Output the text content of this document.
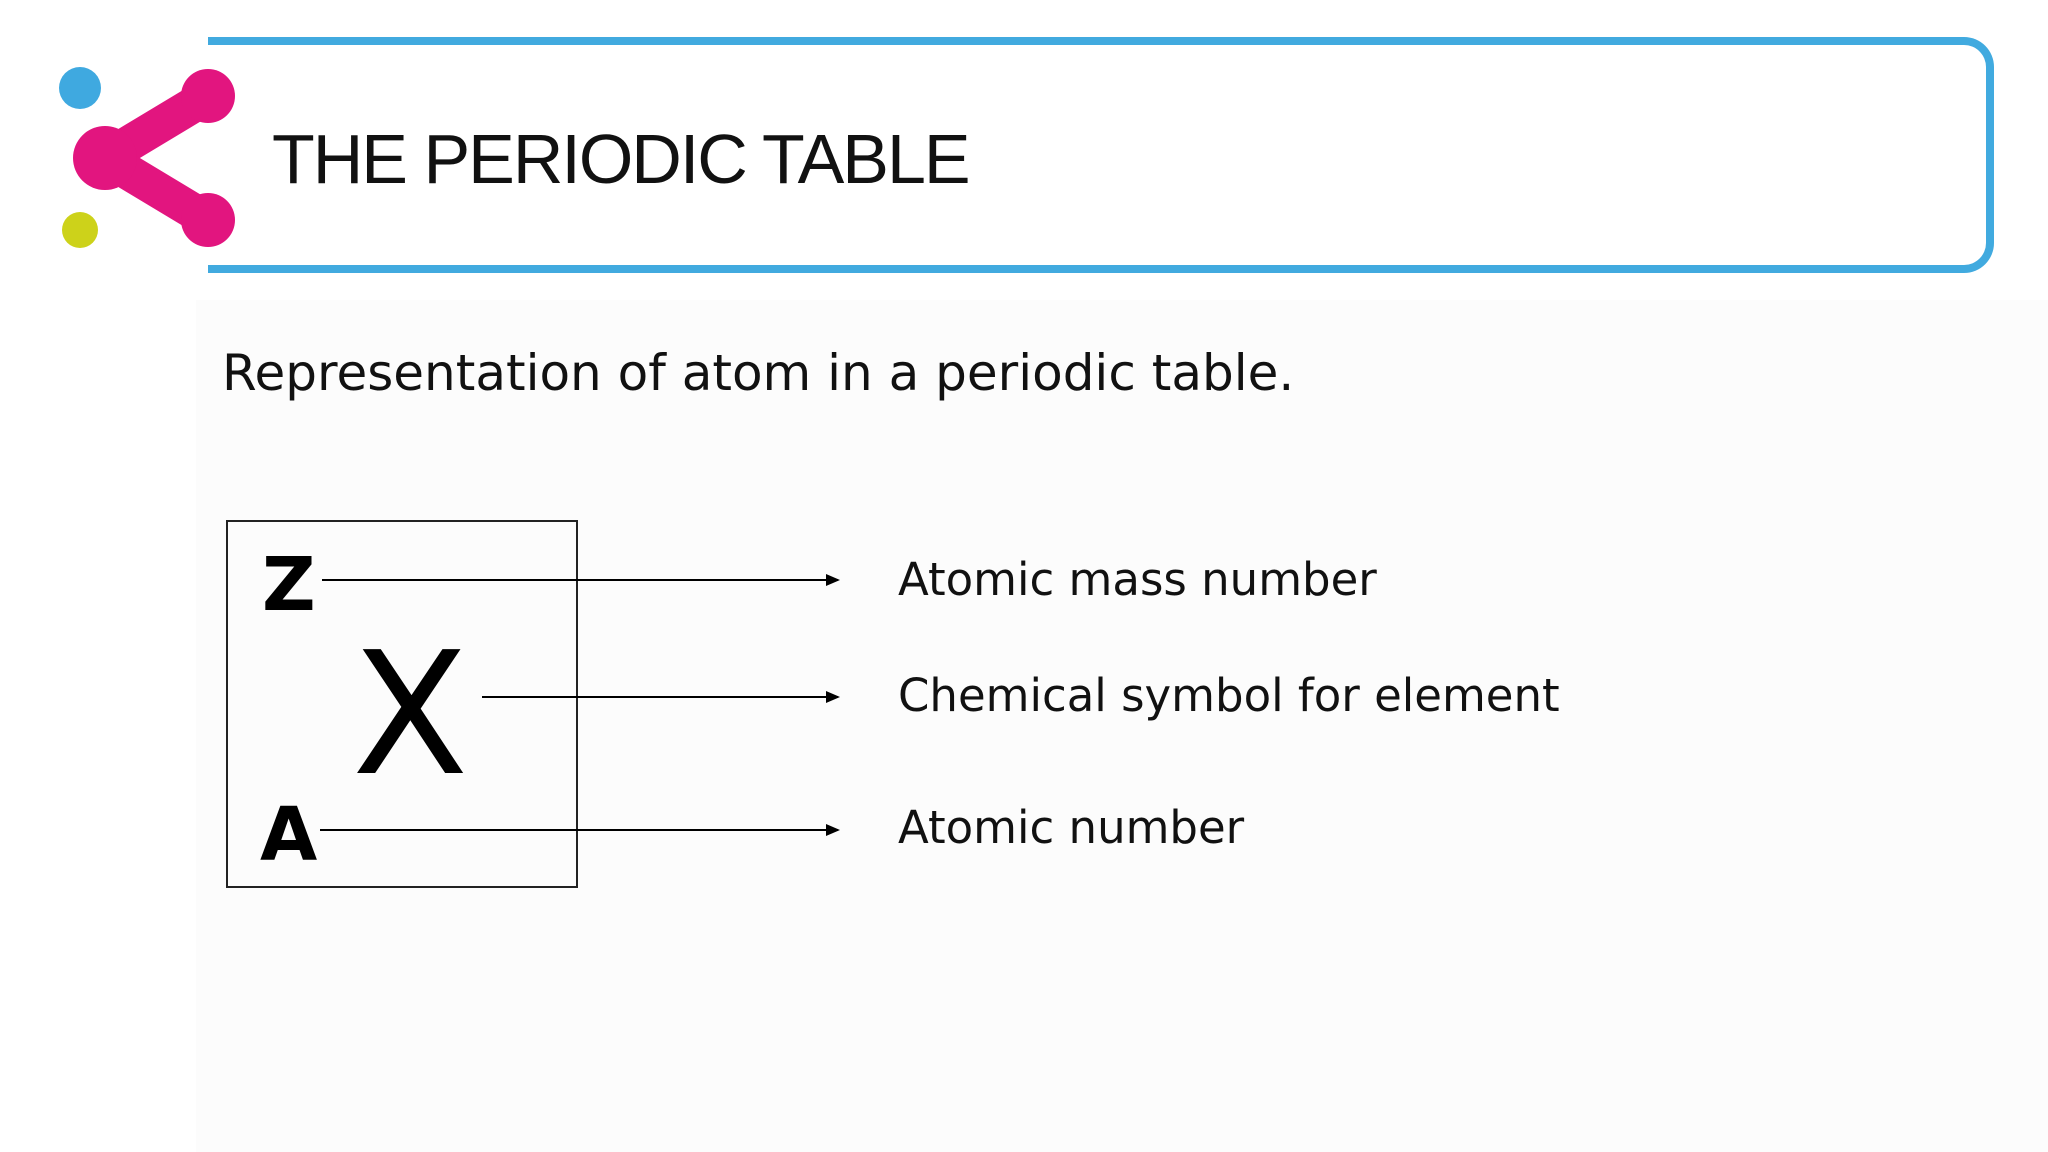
THE PERIODIC TABLE
Representation of atom in a periodic table.
Z
X
A
Atomic mass number
Chemical symbol for element
Atomic number
